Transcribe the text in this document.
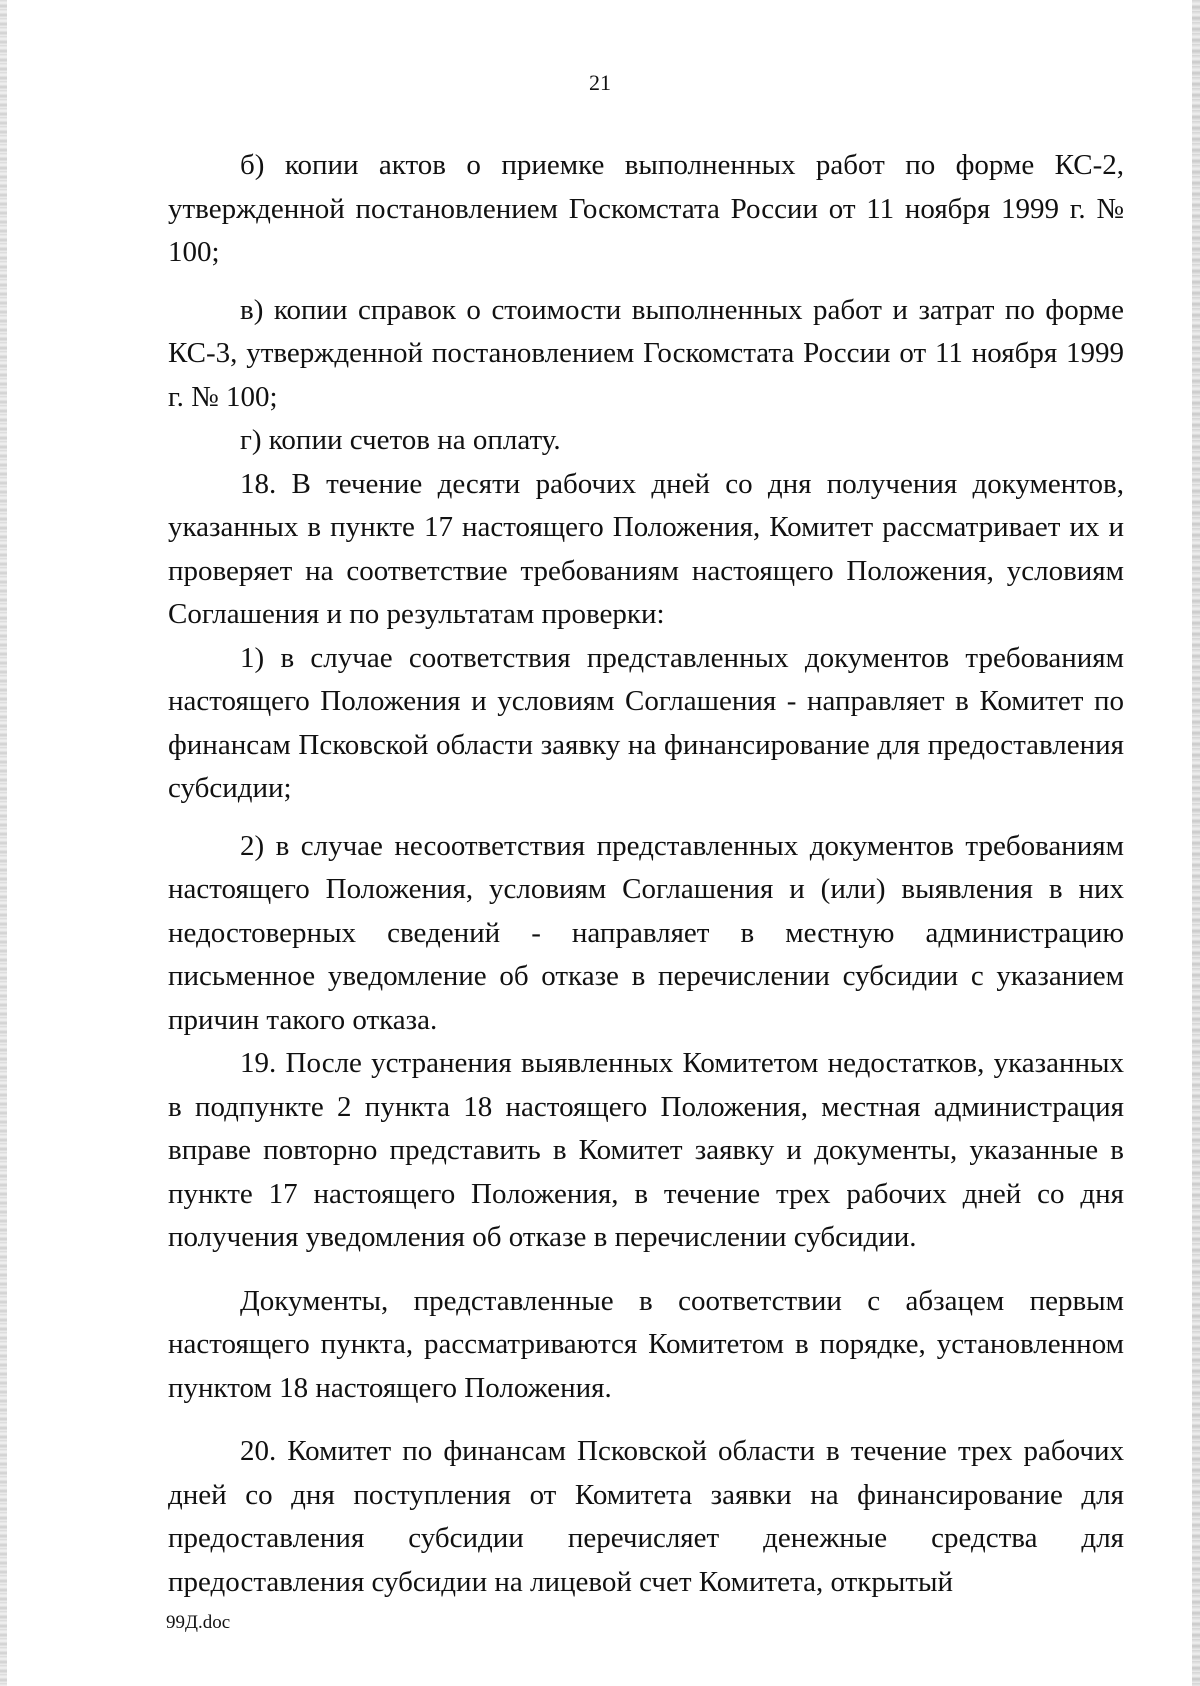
21

б) копии актов о приемке выполненных работ по форме КС-2, утвержденной постановлением Госкомстата России от 11 ноября 1999 г. № 100;

в) копии справок о стоимости выполненных работ и затрат по форме КС-3, утвержденной постановлением Госкомстата России от 11 ноября 1999 г. № 100;

г) копии счетов на оплату.

18. В течение десяти рабочих дней со дня получения документов, указанных в пункте 17 настоящего Положения, Комитет рассматривает их и проверяет на соответствие требованиям настоящего Положения, условиям Соглашения и по результатам проверки:

1) в случае соответствия представленных документов требованиям настоящего Положения и условиям Соглашения - направляет в Комитет по финансам Псковской области заявку на финансирование для предоставления субсидии;

2) в случае несоответствия представленных документов требованиям настоящего Положения, условиям Соглашения и (или) выявления в них недостоверных сведений - направляет в местную администрацию письменное уведомление об отказе в перечислении субсидии с указанием причин такого отказа.

19. После устранения выявленных Комитетом недостатков, указанных в подпункте 2 пункта 18 настоящего Положения, местная администрация вправе повторно представить в Комитет заявку и документы, указанные в пункте 17 настоящего Положения, в течение трех рабочих дней со дня получения уведомления об отказе в перечислении субсидии.

Документы, представленные в соответствии с абзацем первым настоящего пункта, рассматриваются Комитетом в порядке, установленном пунктом 18 настоящего Положения.

20. Комитет по финансам Псковской области в течение трех рабочих дней со дня поступления от Комитета заявки на финансирование для предоставления субсидии перечисляет денежные средства для предоставления субсидии на лицевой счет Комитета, открытый

99Д.doc
